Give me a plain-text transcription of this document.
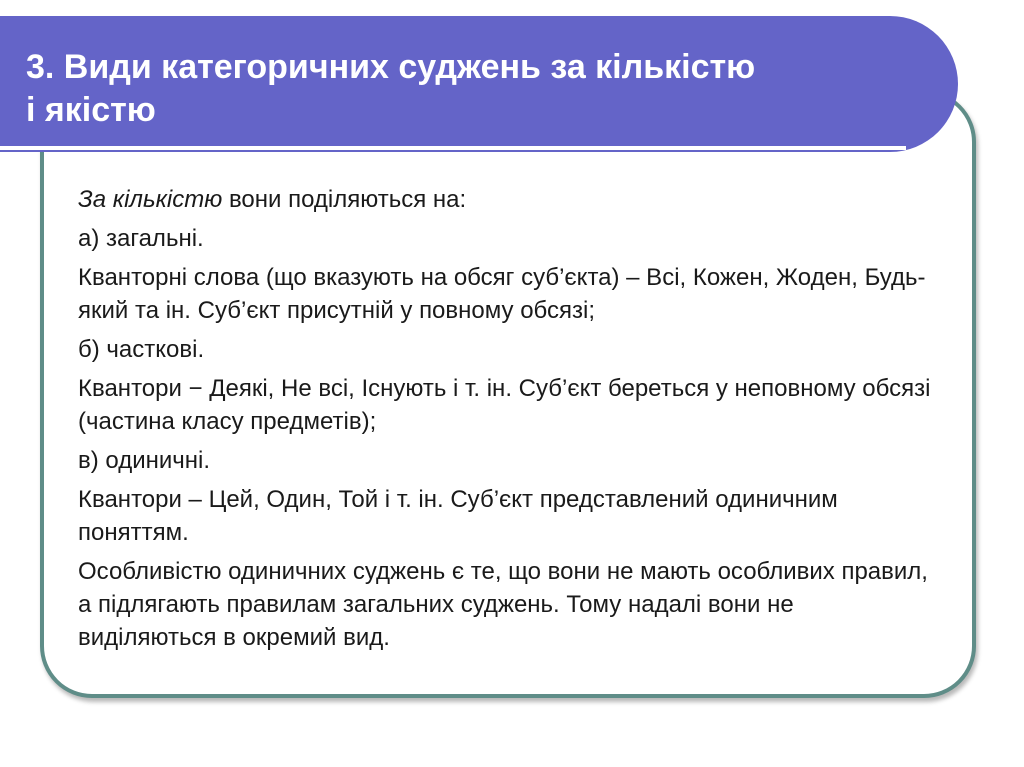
3. Види категоричних суджень за кількістю
і якістю

За кількістю вони поділяються на:

а) загальні.

Кванторні слова (що вказують на обсяг суб’єкта) – Всі, Кожен, Жоден, Будь-який та ін. Суб’єкт присутній у повному обсязі;

б) часткові.

Квантори − Деякі, Не всі, Існують і т. ін. Суб’єкт береться у неповному обсязі (частина класу предметів);

в) одиничні.

Квантори – Цей, Один, Той і т. ін. Суб’єкт представлений одиничним поняттям.

Особливістю одиничних суджень є те, що вони не мають особливих правил, а підлягають правилам загальних суджень. Тому надалі вони не виділяються в окремий вид.
